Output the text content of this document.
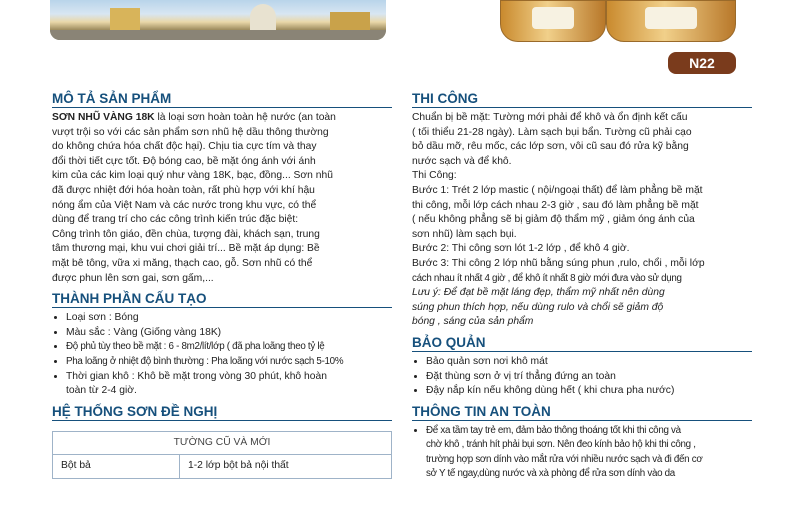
N22
MÔ TẢ SẢN PHẨM

SƠN NHŨ VÀNG 18K là loại sơn hoàn toàn hệ nước (an toàn
vượt trội so với các sản phẩm sơn nhũ hệ dầu thông thường
do không chứa hóa chất độc hại). Chịu tia cực tím và thay
đổi thời tiết cực tốt. Độ bóng cao, bề mặt óng ánh với ánh
kim của các kim loại quý như vàng 18K, bạc, đồng... Sơn nhũ
đã được nhiệt đới hóa hoàn toàn, rất phù hợp với khí hậu
nóng ẩm của Việt Nam và các nước trong khu vực, có thể
dùng để trang trí cho các công trình kiến trúc đặc biệt:
Công trình tôn giáo, đền chùa, tượng đài, khách sạn, trung
tâm thương mại, khu vui chơi giải trí... Bề mặt áp dụng: Bề
mặt bê tông, vữa xi măng, thạch cao, gỗ. Sơn nhũ có thể
được phun lên sơn gai, sơn gấm,...

THÀNH PHẦN CẤU TẠO
• Loại sơn : Bóng
• Màu sắc : Vàng (Giống vàng 18K)
• Độ phủ tùy theo bề mặt : 6 - 8m2/lít/lớp ( đã pha loãng theo tỷ lệ
• Pha loãng ở nhiệt độ bình thường : Pha loãng với nước sạch 5-10%
• Thời gian khô : Khô bề mặt trong vòng 30 phút, khô hoàn
toàn từ 2-4 giờ.
HỆ THỐNG SƠN ĐỀ NGHỊ
TƯỜNG CŨ VÀ MỚI
Bột bả	1-2 lớp bột bả nội thất
THI CÔNG

Chuẩn bị bề mặt: Tường mới phải để khô và ổn định kết cấu
( tối thiểu 21-28 ngày). Làm sạch bụi bẩn. Tường cũ phải cạo
bỏ dầu mỡ, rêu mốc, các lớp sơn, vôi cũ sau đó rửa kỹ bằng
nước sạch và để khô.
Thi Công:
Bước 1: Trét 2 lớp mastic ( nội/ngoại thất) để làm phẳng bề mặt
thi công, mỗi lớp cách nhau 2-3 giờ , sau đó làm phẳng bề mặt
( nếu không phẳng sẽ bị giảm độ thẩm mỹ , giảm óng ánh của
sơn nhũ) làm sạch bụi.
Bước 2: Thi công sơn lót 1-2 lớp , để khô 4 giờ.
Bước 3: Thi công 2 lớp nhũ bằng súng phun ,rulo, chổi , mỗi lớp
cách nhau ít nhất 4 giờ , để khô ít nhất 8 giờ mới đưa vào sử dụng

Lưu ý: Để đạt bề mặt láng đẹp, thẩm mỹ nhất nên dùng
súng phun thích hợp, nếu dùng rulo và chổi sẽ giảm độ
bóng , sáng của sản phẩm

BẢO QUẢN
• Bảo quản sơn nơi khô mát
• Đặt thùng sơn ở vị trí thẳng đứng an toàn
• Đậy nắp kín nếu không dùng hết ( khi chưa pha nước)
THÔNG TIN AN TOÀN
• Để xa tầm tay trẻ em, đảm bảo thông thoáng tốt khi thi công và
chờ khô , tránh hít phải bụi sơn. Nên đeo kính bảo hộ khi thi công ,
trường hợp sơn dính vào mắt rửa với nhiều nước sạch và đi đến cơ
sở Y tế ngay,dùng nước và xà phòng để rửa sơn dính vào da
